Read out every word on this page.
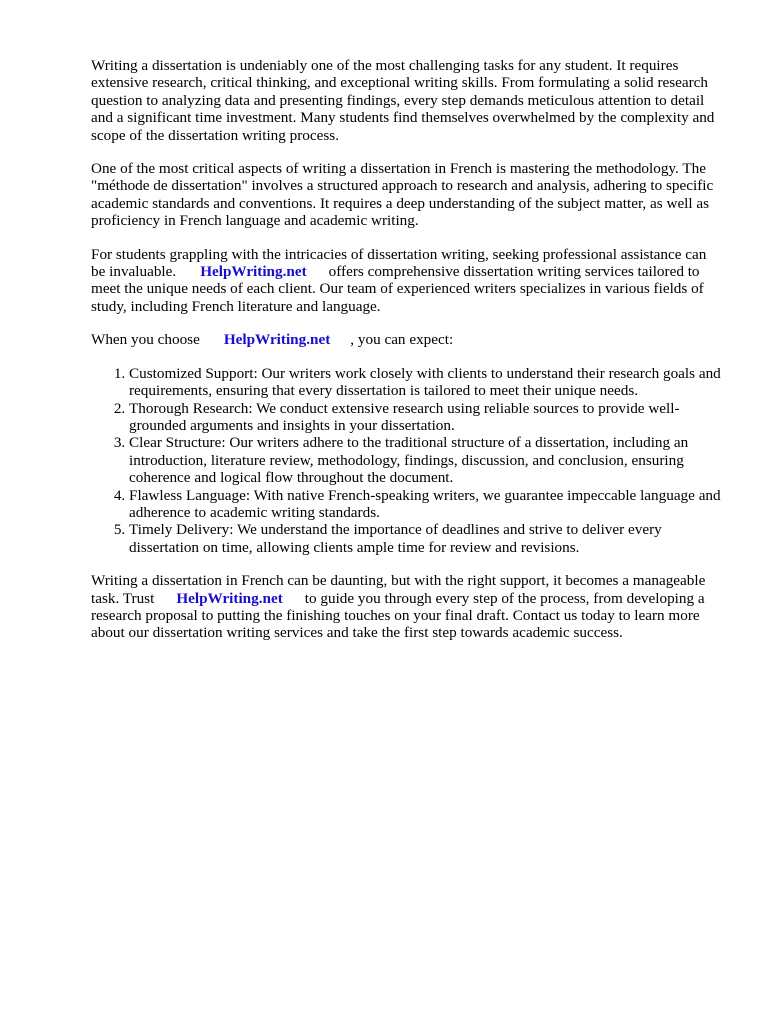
Writing a dissertation is undeniably one of the most challenging tasks for any student. It requires extensive research, critical thinking, and exceptional writing skills. From formulating a solid research question to analyzing data and presenting findings, every step demands meticulous attention to detail and a significant time investment. Many students find themselves overwhelmed by the complexity and scope of the dissertation writing process.

One of the most critical aspects of writing a dissertation in French is mastering the methodology. The "méthode de dissertation" involves a structured approach to research and analysis, adhering to specific academic standards and conventions. It requires a deep understanding of the subject matter, as well as proficiency in French language and academic writing.

For students grappling with the intricacies of dissertation writing, seeking professional assistance can be invaluable. HelpWriting.net offers comprehensive dissertation writing services tailored to meet the unique needs of each client. Our team of experienced writers specializes in various fields of study, including French literature and language.

When you choose HelpWriting.net , you can expect:

1. Customized Support: Our writers work closely with clients to understand their research goals and requirements, ensuring that every dissertation is tailored to meet their unique needs.
2. Thorough Research: We conduct extensive research using reliable sources to provide well-grounded arguments and insights in your dissertation.
3. Clear Structure: Our writers adhere to the traditional structure of a dissertation, including an introduction, literature review, methodology, findings, discussion, and conclusion, ensuring coherence and logical flow throughout the document.
4. Flawless Language: With native French-speaking writers, we guarantee impeccable language and adherence to academic writing standards.
5. Timely Delivery: We understand the importance of deadlines and strive to deliver every dissertation on time, allowing clients ample time for review and revisions.

Writing a dissertation in French can be daunting, but with the right support, it becomes a manageable task. Trust HelpWriting.net to guide you through every step of the process, from developing a research proposal to putting the finishing touches on your final draft. Contact us today to learn more about our dissertation writing services and take the first step towards academic success.
